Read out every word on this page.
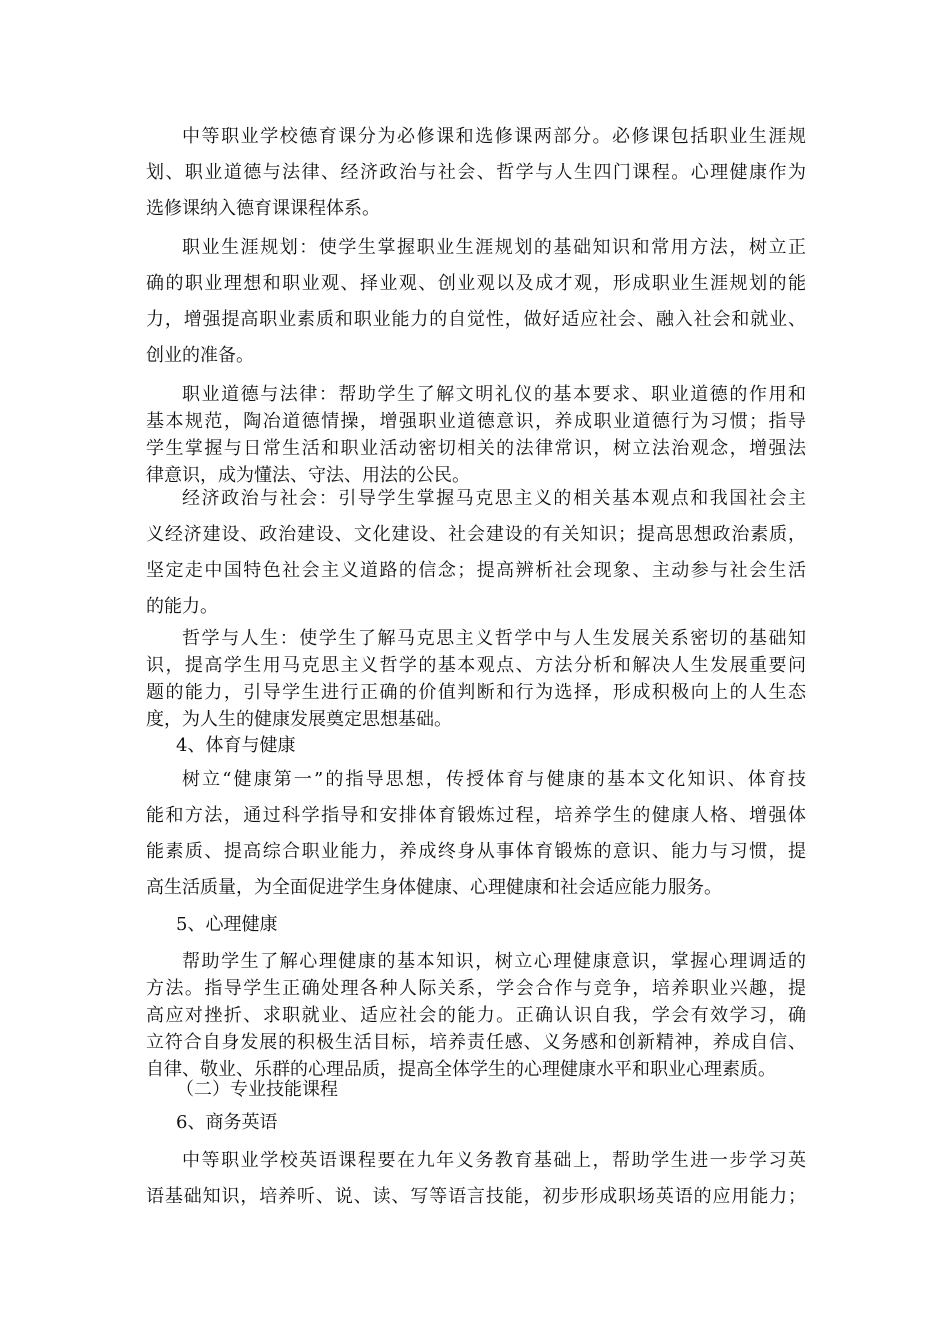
中等职业学校德育课分为必修课和选修课两部分。必修课包括职业生涯规
划、职业道德与法律、经济政治与社会、哲学与人生四门课程。心理健康作为
选修课纳入德育课课程体系。
职业生涯规划：使学生掌握职业生涯规划的基础知识和常用方法，树立正
确的职业理想和职业观、择业观、创业观以及成才观，形成职业生涯规划的能
力，增强提高职业素质和职业能力的自觉性，做好适应社会、融入社会和就业、
创业的准备。
职业道德与法律：帮助学生了解文明礼仪的基本要求、职业道德的作用和
基本规范，陶冶道德情操，增强职业道德意识，养成职业道德行为习惯；指导
学生掌握与日常生活和职业活动密切相关的法律常识，树立法治观念，增强法
律意识，成为懂法、守法、用法的公民。
经济政治与社会：引导学生掌握马克思主义的相关基本观点和我国社会主
义经济建设、政治建设、文化建设、社会建设的有关知识；提高思想政治素质，
坚定走中国特色社会主义道路的信念；提高辨析社会现象、主动参与社会生活
的能力。
哲学与人生：使学生了解马克思主义哲学中与人生发展关系密切的基础知
识，提高学生用马克思主义哲学的基本观点、方法分析和解决人生发展重要问
题的能力，引导学生进行正确的价值判断和行为选择，形成积极向上的人生态
度，为人生的健康发展奠定思想基础。
4、体育与健康
树立“健康第一”的指导思想，传授体育与健康的基本文化知识、体育技
能和方法，通过科学指导和安排体育锻炼过程，培养学生的健康人格、增强体
能素质、提高综合职业能力，养成终身从事体育锻炼的意识、能力与习惯，提
高生活质量，为全面促进学生身体健康、心理健康和社会适应能力服务。
5、心理健康
帮助学生了解心理健康的基本知识，树立心理健康意识，掌握心理调适的
方法。指导学生正确处理各种人际关系，学会合作与竞争，培养职业兴趣，提
高应对挫折、求职就业、适应社会的能力。正确认识自我，学会有效学习，确
立符合自身发展的积极生活目标，培养责任感、义务感和创新精神，养成自信、
自律、敬业、乐群的心理品质，提高全体学生的心理健康水平和职业心理素质。
（二）专业技能课程
6、商务英语
中等职业学校英语课程要在九年义务教育基础上，帮助学生进一步学习英
语基础知识，培养听、说、读、写等语言技能，初步形成职场英语的应用能力；
